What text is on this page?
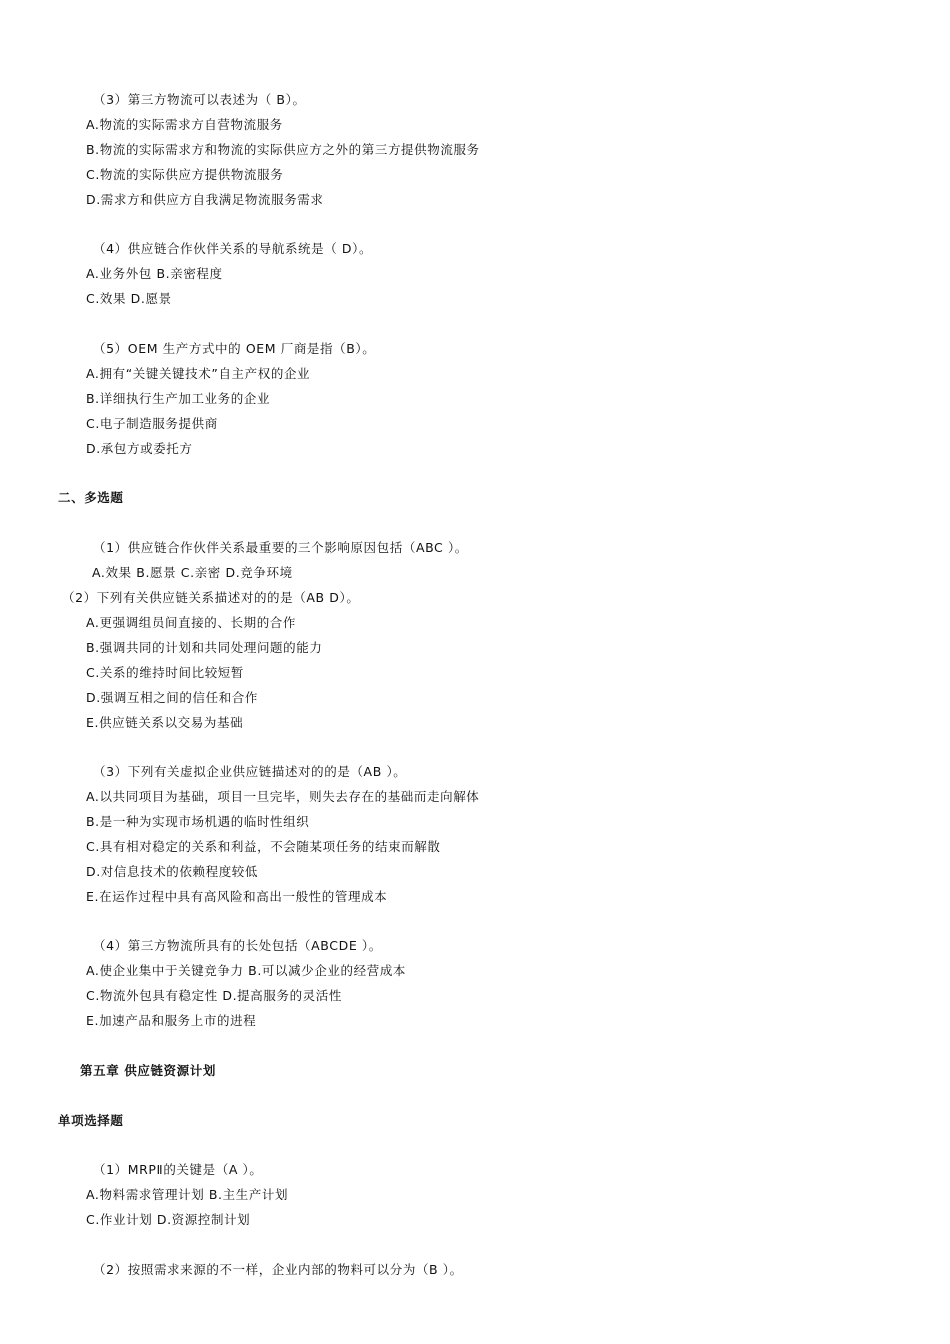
（3）第三方物流可以表述为（ B）。
A.物流的实际需求方自营物流服务
B.物流的实际需求方和物流的实际供应方之外的第三方提供物流服务
C.物流的实际供应方提供物流服务
D.需求方和供应方自我满足物流服务需求
（4）供应链合作伙伴关系的导航系统是（ D）。
A.业务外包 B.亲密程度
C.效果 D.愿景
（5）OEM 生产方式中的 OEM 厂商是指（B）。
A.拥有“关键关键技术”自主产权的企业
B.详细执行生产加工业务的企业
C.电子制造服务提供商
D.承包方或委托方
二、多选题
（1）供应链合作伙伴关系最重要的三个影响原因包括（ABC ）。
A.效果 B.愿景 C.亲密 D.竞争环境
（2）下列有关供应链关系描述对的的是（AB D）。
A.更强调组员间直接的、长期的合作
B.强调共同的计划和共同处理问题的能力
C.关系的维持时间比较短暂
D.强调互相之间的信任和合作
E.供应链关系以交易为基础
（3）下列有关虚拟企业供应链描述对的的是（AB ）。
A.以共同项目为基础，项目一旦完毕，则失去存在的基础而走向解体
B.是一种为实现市场机遇的临时性组织
C.具有相对稳定的关系和利益，不会随某项任务的结束而解散
D.对信息技术的依赖程度较低
E.在运作过程中具有高风险和高出一般性的管理成本
（4）第三方物流所具有的长处包括（ABCDE ）。
A.使企业集中于关键竞争力 B.可以减少企业的经营成本
C.物流外包具有稳定性 D.提高服务的灵活性
E.加速产品和服务上市的进程
第五章 供应链资源计划
单项选择题
（1）MRPⅡ的关键是（A ）。
A.物料需求管理计划 B.主生产计划
C.作业计划 D.资源控制计划
（2）按照需求来源的不一样，企业内部的物料可以分为（B ）。
